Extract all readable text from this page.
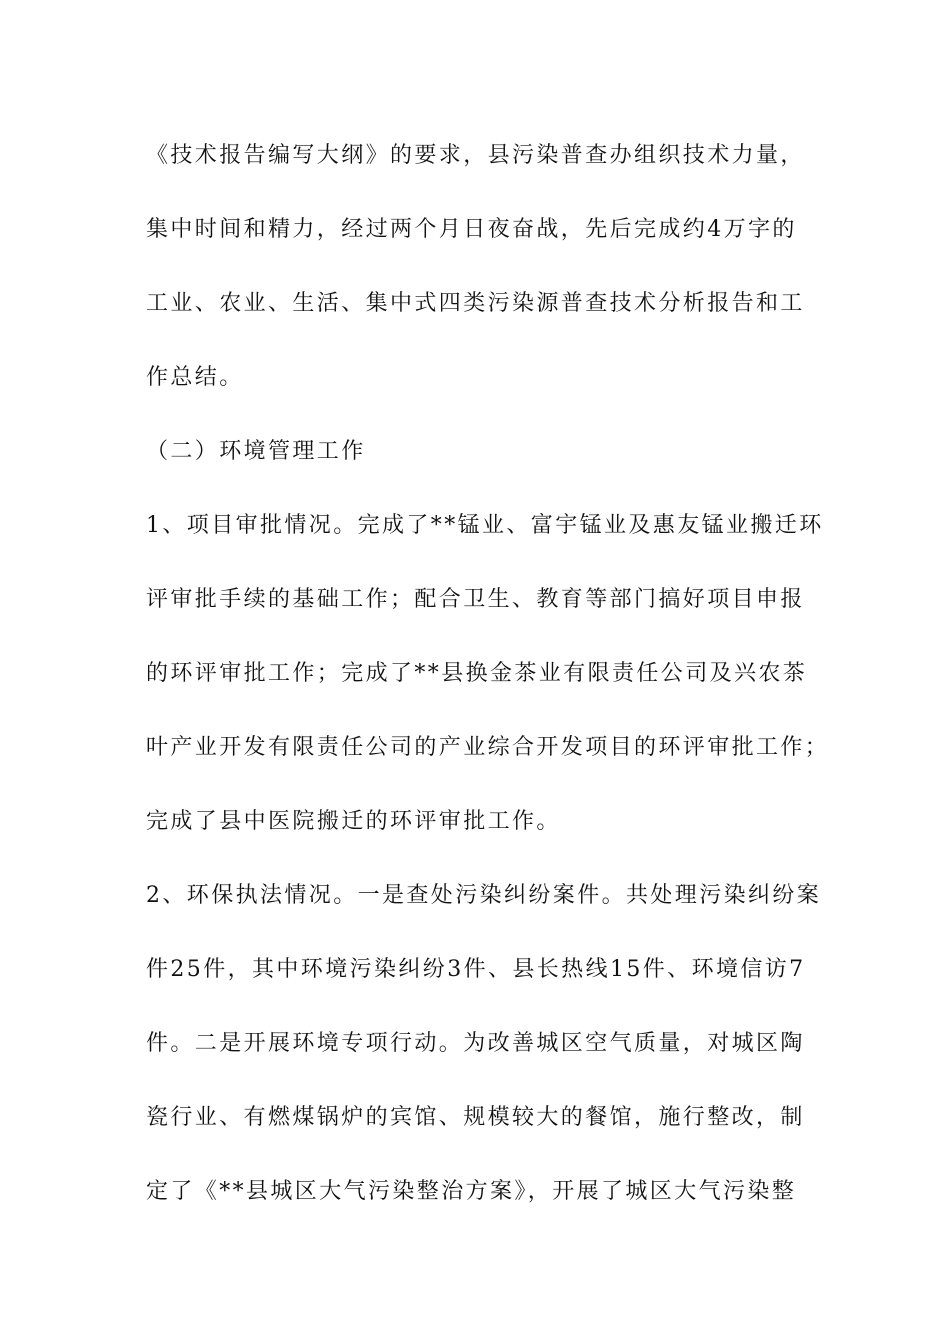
《技术报告编写大纲》的要求，县污染普查办组织技术力量，
集中时间和精力，经过两个月日夜奋战，先后完成约4万字的
工业、农业、生活、集中式四类污染源普查技术分析报告和工
作总结。
（二）环境管理工作
1、项目审批情况。完成了**锰业、富宇锰业及惠友锰业搬迁环
评审批手续的基础工作；配合卫生、教育等部门搞好项目申报
的环评审批工作；完成了**县换金茶业有限责任公司及兴农茶
叶产业开发有限责任公司的产业综合开发项目的环评审批工作；
完成了县中医院搬迁的环评审批工作。
2、环保执法情况。一是查处污染纠纷案件。共处理污染纠纷案
件25件，其中环境污染纠纷3件、县长热线15件、环境信访7
件。二是开展环境专项行动。为改善城区空气质量，对城区陶
瓷行业、有燃煤锅炉的宾馆、规模较大的餐馆，施行整改，制
定了《**县城区大气污染整治方案》，开展了城区大气污染整
